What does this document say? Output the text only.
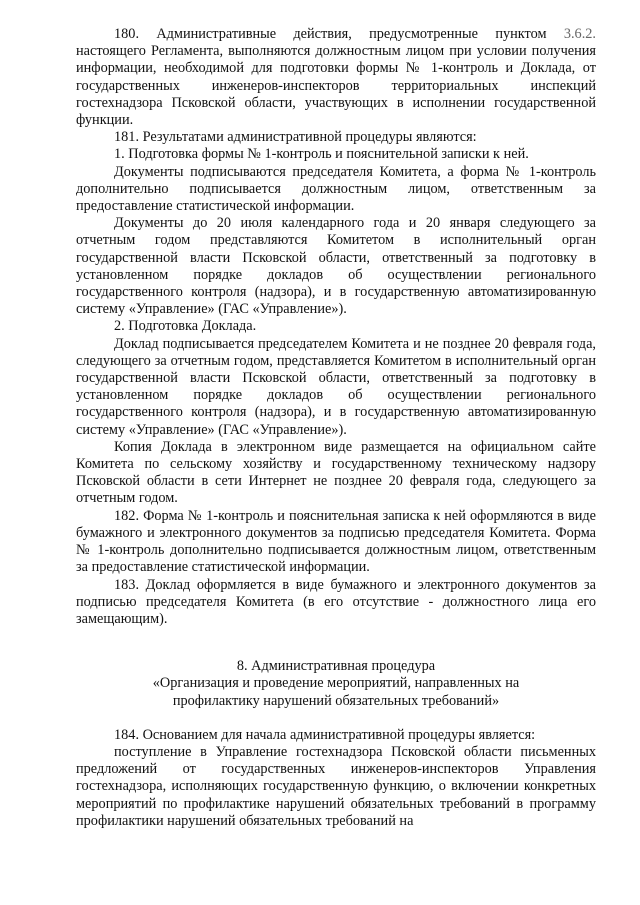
180. Административные действия, предусмотренные пунктом 3.6.2. настоящего Регламента, выполняются должностным лицом при условии получения информации, необходимой для подготовки формы № 1-контроль и Доклада, от государственных инженеров-инспекторов территориальных инспекций гостехнадзора Псковской области, участвующих в исполнении государственной функции.

181. Результатами административной процедуры являются:

1. Подготовка формы № 1-контроль и пояснительной записки к ней.

Документы подписываются председателя Комитета, а форма № 1-контроль дополнительно подписывается должностным лицом, ответственным за предоставление статистической информации.

Документы до 20 июля календарного года и 20 января следующего за отчетным годом представляются Комитетом в исполнительный орган государственной власти Псковской области, ответственный за подготовку в установленном порядке докладов об осуществлении регионального государственного контроля (надзора), и в государственную автоматизированную систему «Управление» (ГАС «Управление»).

2. Подготовка Доклада.

Доклад подписывается председателем Комитета и не позднее 20 февраля года, следующего за отчетным годом, представляется Комитетом в исполнительный орган государственной власти Псковской области, ответственный за подготовку в установленном порядке докладов об осуществлении регионального государственного контроля (надзора), и в государственную автоматизированную систему «Управление» (ГАС «Управление»).

Копия Доклада в электронном виде размещается на официальном сайте Комитета по сельскому хозяйству и государственному техническому надзору Псковской области в сети Интернет не позднее 20 февраля года, следующего за отчетным годом.

182. Форма № 1-контроль и пояснительная записка к ней оформляются в виде бумажного и электронного документов за подписью председателя Комитета. Форма № 1-контроль дополнительно подписывается должностным лицом, ответственным за предоставление статистической информации.

183. Доклад оформляется в виде бумажного и электронного документов за подписью председателя Комитета (в его отсутствие - должностного лица его замещающим).

8. Административная процедура

«Организация и проведение мероприятий, направленных на

профилактику нарушений обязательных требований»

184. Основанием для начала административной процедуры является:

поступление в Управление гостехнадзора Псковской области письменных предложений от государственных инженеров-инспекторов Управления гостехнадзора, исполняющих государственную функцию, о включении конкретных мероприятий по профилактике нарушений обязательных требований в программу профилактики нарушений обязательных требований на
